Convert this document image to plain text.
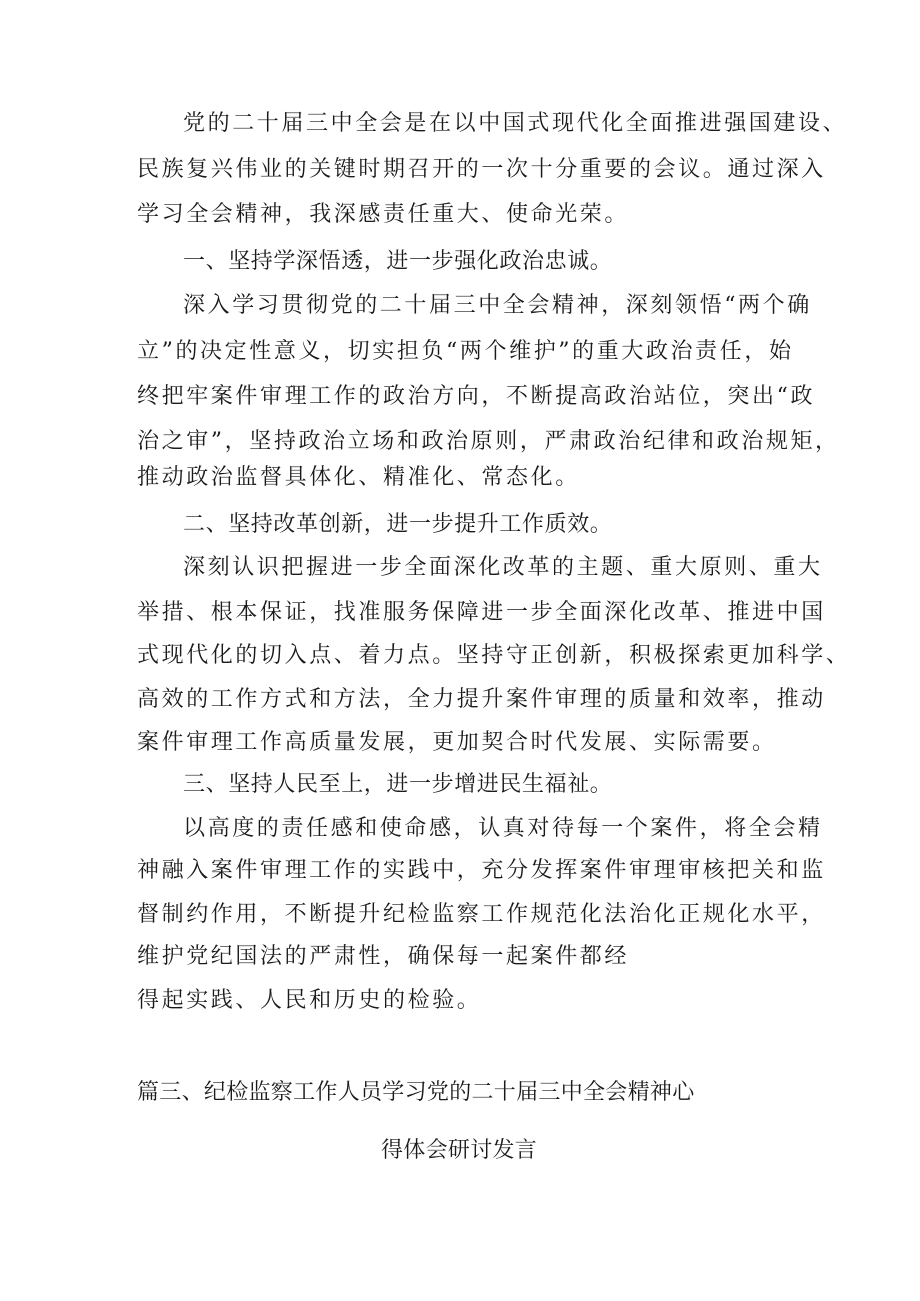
党的二十届三中全会是在以中国式现代化全面推进强国建设、
民族复兴伟业的关键时期召开的一次十分重要的会议。通过深入
学习全会精神，我深感责任重大、使命光荣。
一、坚持学深悟透，进一步强化政治忠诚。
深入学习贯彻党的二十届三中全会精神，深刻领悟“两个确
立”的决定性意义，切实担负“两个维护”的重大政治责任，始
终把牢案件审理工作的政治方向，不断提高政治站位，突出“政
治之审”，坚持政治立场和政治原则，严肃政治纪律和政治规矩，
推动政治监督具体化、精准化、常态化。
二、坚持改革创新，进一步提升工作质效。
深刻认识把握进一步全面深化改革的主题、重大原则、重大
举措、根本保证，找准服务保障进一步全面深化改革、推进中国
式现代化的切入点、着力点。坚持守正创新，积极探索更加科学、
高效的工作方式和方法，全力提升案件审理的质量和效率，推动
案件审理工作高质量发展，更加契合时代发展、实际需要。
三、坚持人民至上，进一步增进民生福祉。
以高度的责任感和使命感，认真对待每一个案件，将全会精
神融入案件审理工作的实践中，充分发挥案件审理审核把关和监
督制约作用，不断提升纪检监察工作规范化法治化正规化水平，
维护党纪国法的严肃性，确保每一起案件都经
得起实践、人民和历史的检验。
篇三、纪检监察工作人员学习党的二十届三中全会精神心
得体会研讨发言
